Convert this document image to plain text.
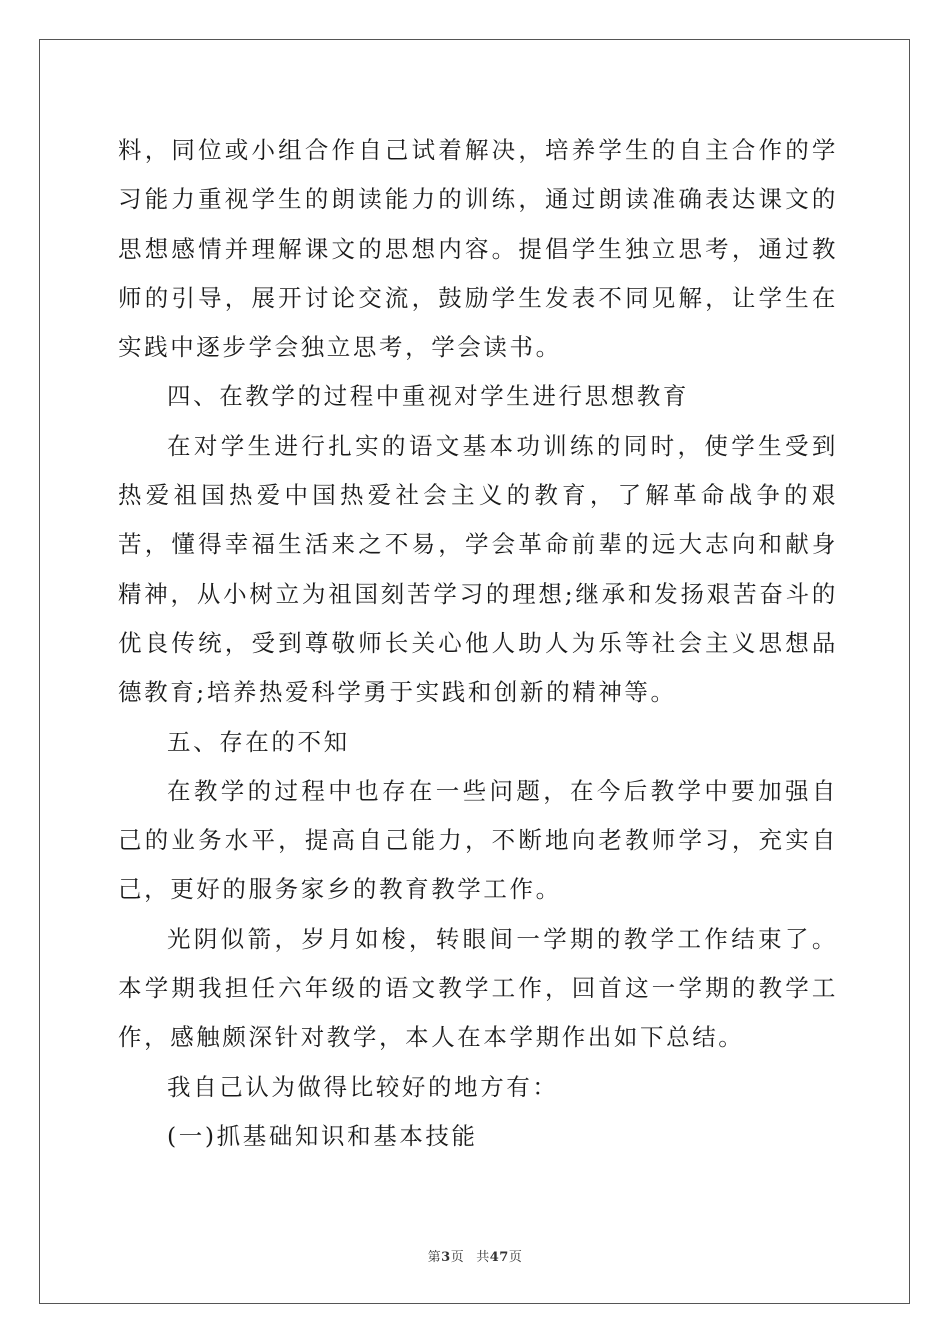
料，同位或小组合作自己试着解决，培养学生的自主合作的学习能力重视学生的朗读能力的训练，通过朗读准确表达课文的思想感情并理解课文的思想内容。提倡学生独立思考，通过教师的引导，展开讨论交流，鼓励学生发表不同见解，让学生在实践中逐步学会独立思考，学会读书。

四、在教学的过程中重视对学生进行思想教育

在对学生进行扎实的语文基本功训练的同时，使学生受到热爱祖国热爱中国热爱社会主义的教育，了解革命战争的艰苦，懂得幸福生活来之不易，学会革命前辈的远大志向和献身精神，从小树立为祖国刻苦学习的理想;继承和发扬艰苦奋斗的优良传统，受到尊敬师长关心他人助人为乐等社会主义思想品德教育;培养热爱科学勇于实践和创新的精神等。

五、存在的不知

在教学的过程中也存在一些问题，在今后教学中要加强自己的业务水平，提高自己能力，不断地向老教师学习，充实自己，更好的服务家乡的教育教学工作。

光阴似箭，岁月如梭，转眼间一学期的教学工作结束了。本学期我担任六年级的语文教学工作，回首这一学期的教学工作，感触颇深针对教学，本人在本学期作出如下总结。

我自己认为做得比较好的地方有：

(一)抓基础知识和基本技能

第3页 共47页
